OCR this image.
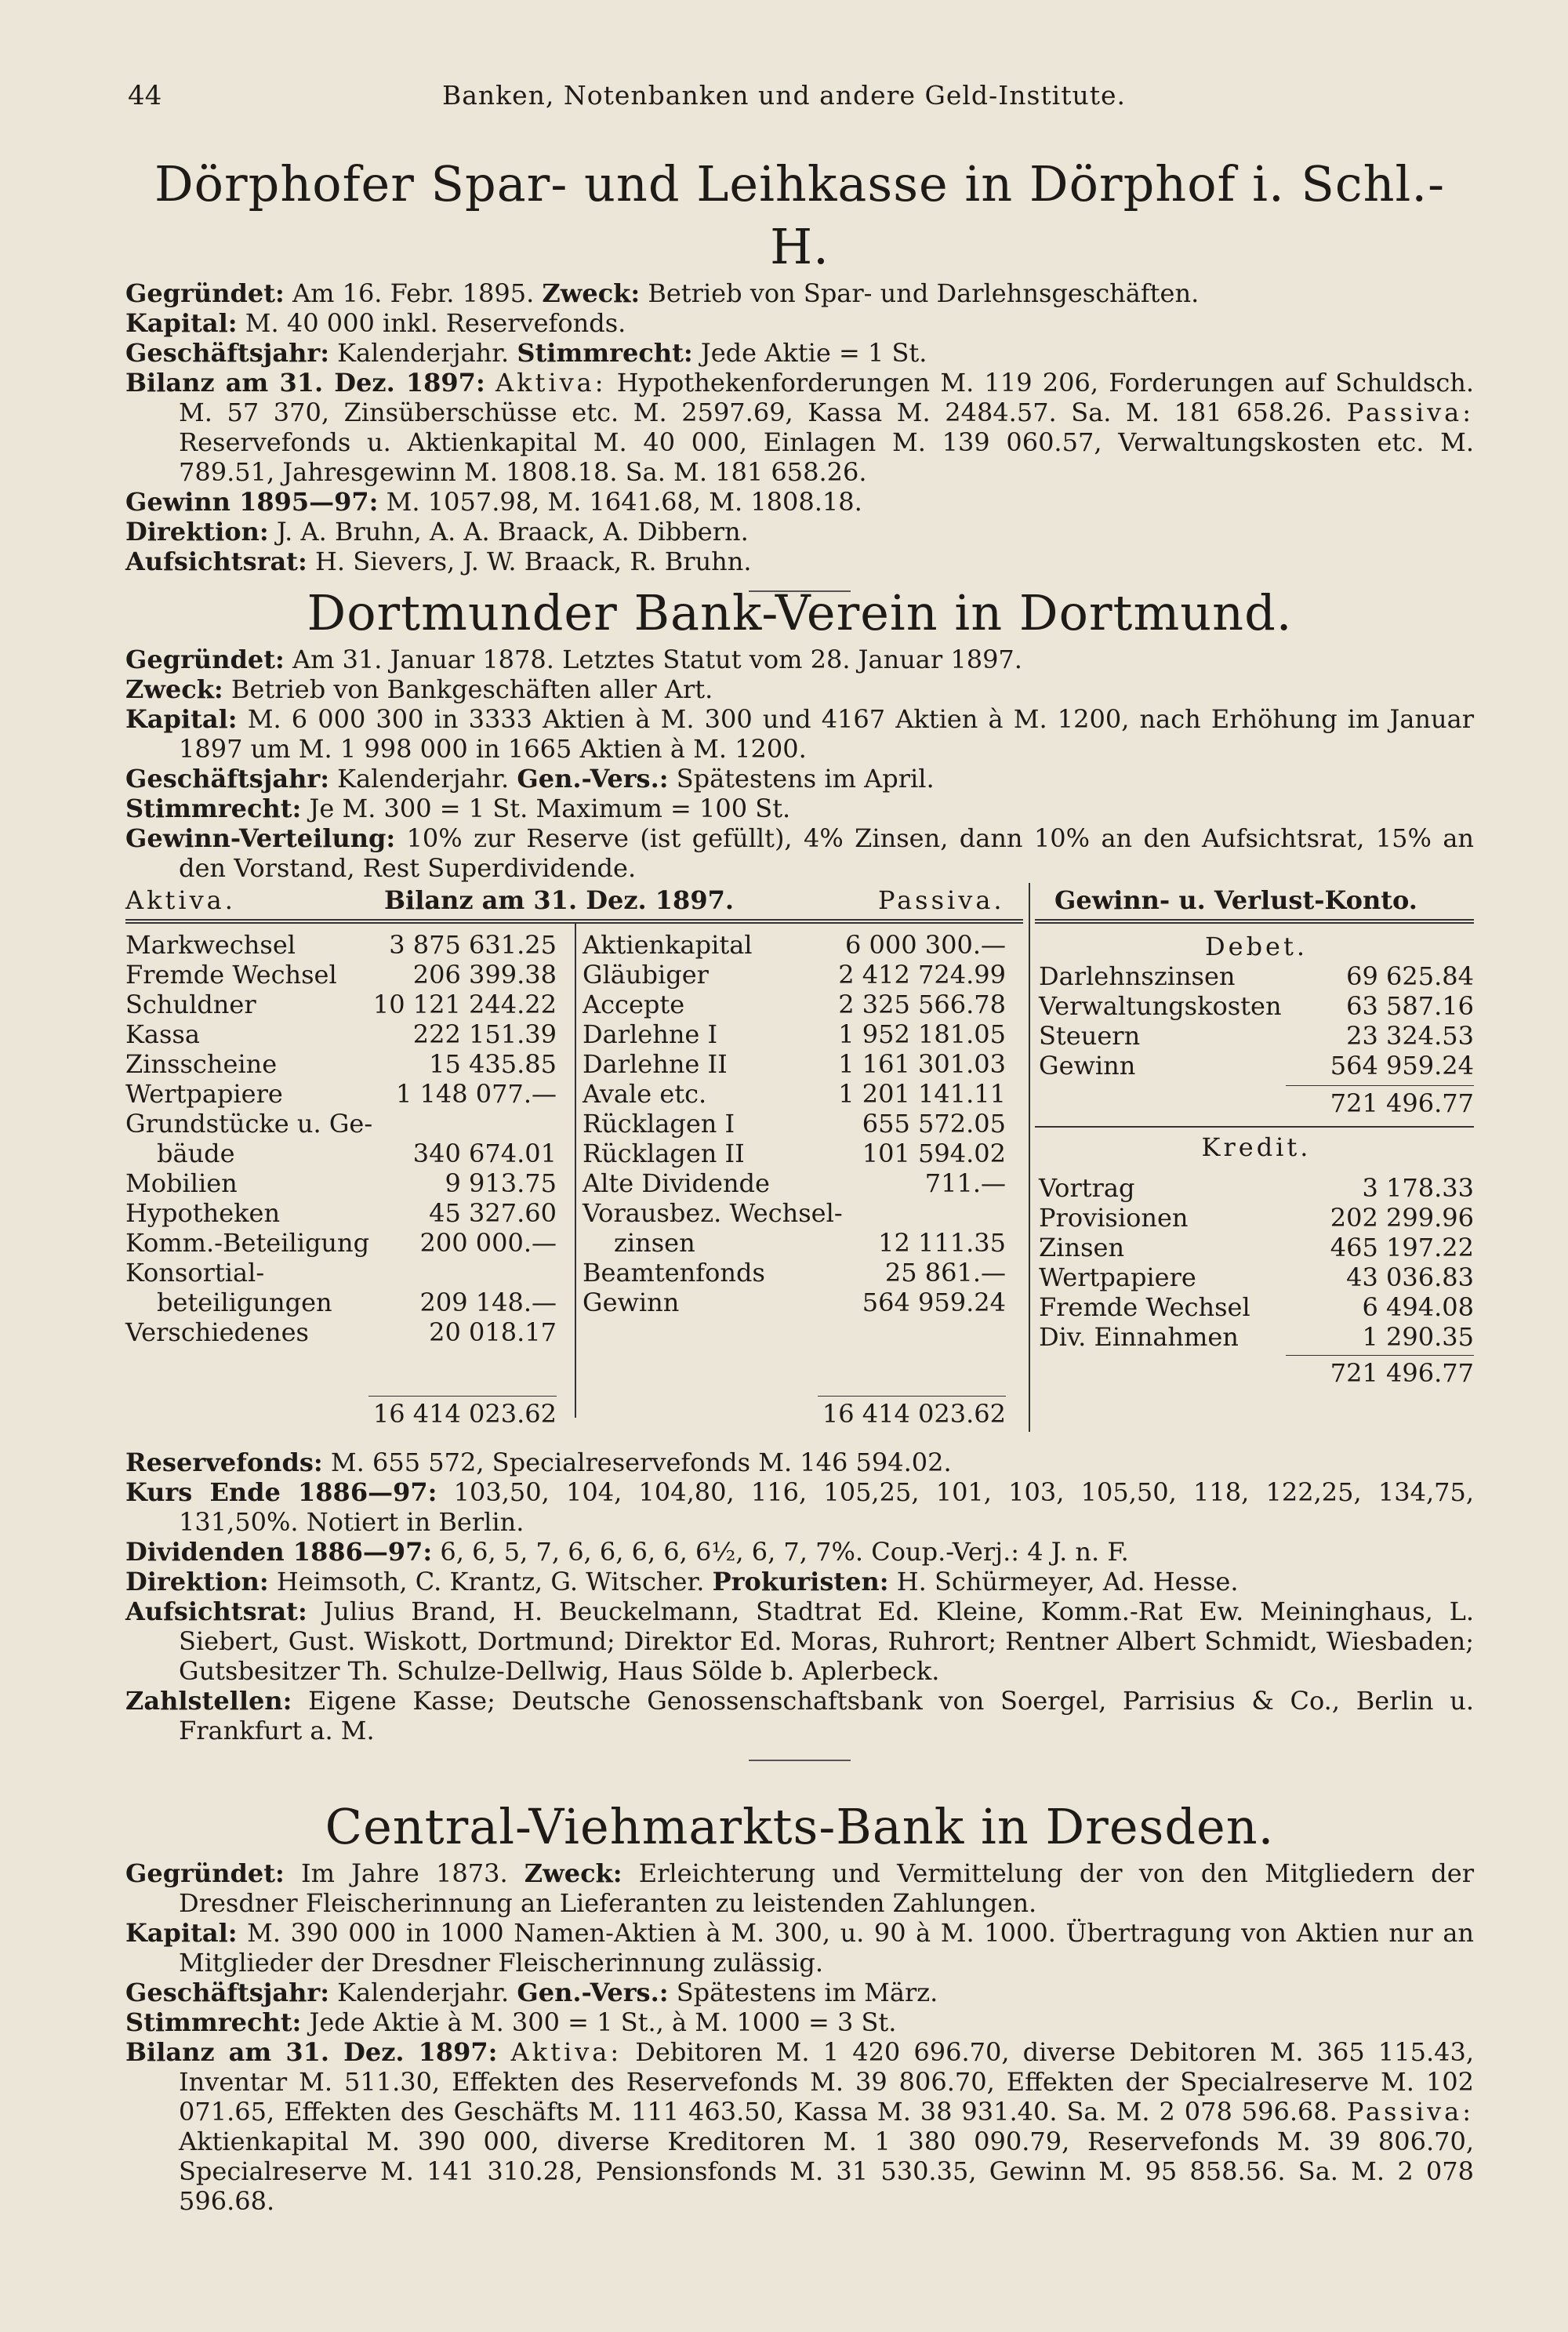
Banken, Notenbanken und andere Geld-Institute.
44
Dörphofer Spar- und Leihkasse in Dörphof i. Schl.-H.

Gegründet: Am 16. Febr. 1895. Zweck: Betrieb von Spar- und Darlehnsgeschäften.

Kapital: M. 40 000 inkl. Reservefonds.

Geschäftsjahr: Kalenderjahr. Stimmrecht: Jede Aktie = 1 St.

Bilanz am 31. Dez. 1897: Aktiva: Hypothekenforderungen M. 119 206, Forderungen auf Schuldsch. M. 57 370, Zinsüberschüsse etc. M. 2597.69, Kassa M. 2484.57. Sa. M. 181 658.26. Passiva: Reservefonds u. Aktienkapital M. 40 000, Einlagen M. 139 060.57, Verwaltungskosten etc. M. 789.51, Jahresgewinn M. 1808.18. Sa. M. 181 658.26.

Gewinn 1895—97: M. 1057.98, M. 1641.68, M. 1808.18.

Direktion: J. A. Bruhn, A. A. Braack, A. Dibbern.

Aufsichtsrat: H. Sievers, J. W. Braack, R. Bruhn.

Dortmunder Bank-Verein in Dortmund.

Gegründet: Am 31. Januar 1878. Letztes Statut vom 28. Januar 1897.

Zweck: Betrieb von Bankgeschäften aller Art.

Kapital: M. 6 000 300 in 3333 Aktien à M. 300 und 4167 Aktien à M. 1200, nach Erhöhung im Januar 1897 um M. 1 998 000 in 1665 Aktien à M. 1200.

Geschäftsjahr: Kalenderjahr. Gen.-Vers.: Spätestens im April.

Stimmrecht: Je M. 300 = 1 St. Maximum = 100 St.

Gewinn-Verteilung: 10% zur Reserve (ist gefüllt), 4% Zinsen, dann 10% an den Aufsichtsrat, 15% an den Vorstand, Rest Superdividende.

Aktiva.	Bilanz am 31. Dez. 1897.	Passiva. Gewinn- u. Verlust-Konto.
Markwechsel	3 875 631.25
Fremde Wechsel	206 399.38
Schuldner	10 121 244.22
Kassa	222 151.39
Zinsscheine	15 435.85
Wertpapiere	1 148 077.—
Grundstücke u. Ge-
bäude	340 674.01
Mobilien	9 913.75
Hypotheken	45 327.60
Komm.-Beteiligung 200 000.—
Konsortial-
beteiligungen	209 148.—
Verschiedenes	20 018.17
16 414 023.62
Aktienkapital	6 000 300.—
Gläubiger	2 412 724.99
Accepte	2 325 566.78
Darlehne I	1 952 181.05
Darlehne II	1 161 301.03
Avale etc.	1 201 141.11
Rücklagen I	655 572.05
Rücklagen II	101 594.02
Alte Dividende	711.—
Vorausbez. Wechsel-
zinsen	12 111.35
Beamtenfonds	25 861.—
Gewinn	564 959.24
16 414 023.62
Debet.
Darlehnszinsen	69 625.84
Verwaltungskosten	63 587.16
Steuern	23 324.53
Gewinn	564 959.24
721 496.77
Kredit.
Vortrag	3 178.33
Provisionen	202 299.96
Zinsen	465 197.22
Wertpapiere	43 036.83
Fremde Wechsel	6 494.08
Div. Einnahmen	1 290.35
721 496.77

Reservefonds: M. 655 572, Specialreservefonds M. 146 594.02.

Kurs Ende 1886—97: 103,50, 104, 104,80, 116, 105,25, 101, 103, 105,50, 118, 122,25, 134,75, 131,50%. Notiert in Berlin.

Dividenden 1886—97: 6, 6, 5, 7, 6, 6, 6, 6, 6½, 6, 7, 7%. Coup.-Verj.: 4 J. n. F.

Direktion: Heimsoth, C. Krantz, G. Witscher. Prokuristen: H. Schürmeyer, Ad. Hesse.

Aufsichtsrat: Julius Brand, H. Beuckelmann, Stadtrat Ed. Kleine, Komm.-Rat Ew. Meininghaus, L. Siebert, Gust. Wiskott, Dortmund; Direktor Ed. Moras, Ruhrort; Rentner Albert Schmidt, Wiesbaden; Gutsbesitzer Th. Schulze-Dellwig, Haus Sölde b. Aplerbeck.

Zahlstellen: Eigene Kasse; Deutsche Genossenschaftsbank von Soergel, Parrisius & Co., Berlin u. Frankfurt a. M.

Central-Viehmarkts-Bank in Dresden.

Gegründet: Im Jahre 1873. Zweck: Erleichterung und Vermittelung der von den Mitgliedern der Dresdner Fleischerinnung an Lieferanten zu leistenden Zahlungen.

Kapital: M. 390 000 in 1000 Namen-Aktien à M. 300, u. 90 à M. 1000. Übertragung von Aktien nur an Mitglieder der Dresdner Fleischerinnung zulässig.

Geschäftsjahr: Kalenderjahr. Gen.-Vers.: Spätestens im März.

Stimmrecht: Jede Aktie à M. 300 = 1 St., à M. 1000 = 3 St.

Bilanz am 31. Dez. 1897: Aktiva: Debitoren M. 1 420 696.70, diverse Debitoren M. 365 115.43, Inventar M. 511.30, Effekten des Reservefonds M. 39 806.70, Effekten der Specialreserve M. 102 071.65, Effekten des Geschäfts M. 111 463.50, Kassa M. 38 931.40. Sa. M. 2 078 596.68. Passiva: Aktienkapital M. 390 000, diverse Kreditoren M. 1 380 090.79, Reservefonds M. 39 806.70, Specialreserve M. 141 310.28, Pensionsfonds M. 31 530.35, Gewinn M. 95 858.56. Sa. M. 2 078 596.68.
